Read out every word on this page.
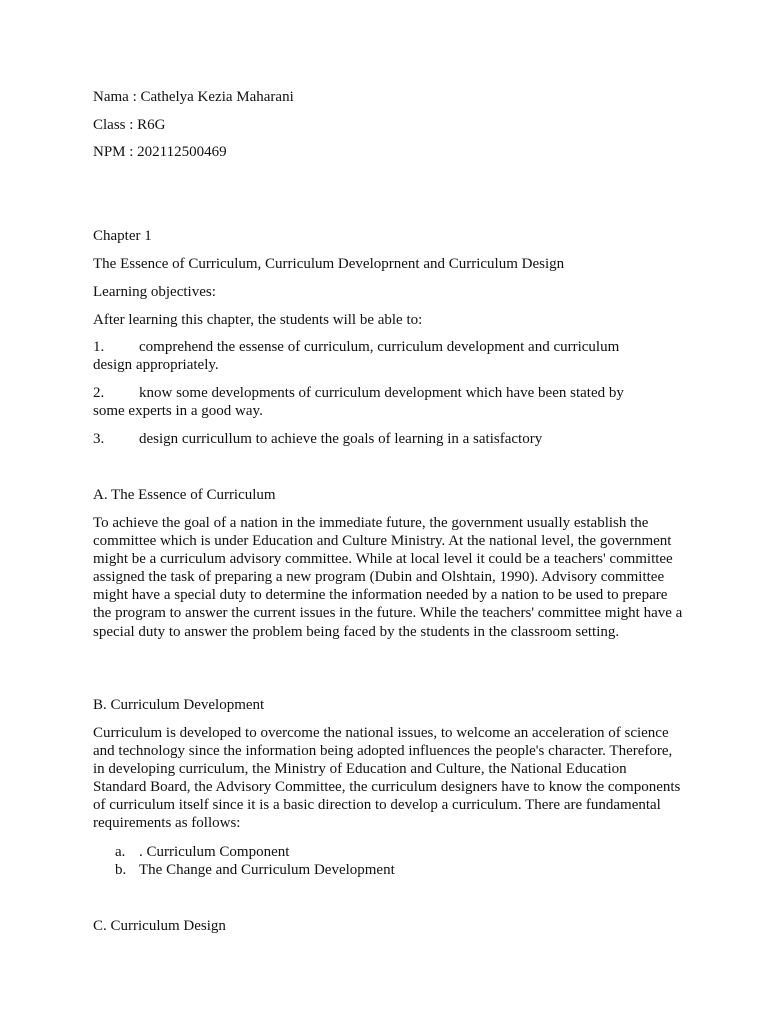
Nama : Cathelya Kezia Maharani
Class : R6G
NPM : 202112500469
Chapter 1
The Essence of Curriculum, Curriculum Developrnent and Curriculum Design
Learning objectives:
After learning this chapter, the students will be able to:
1. comprehend the essense of curriculum, curriculum development and curriculum
design appropriately.
2. know some developments of curriculum development which have been stated by
some experts in a good way.
3. design curricullum to achieve the goals of learning in a satisfactory
A. The Essence of Curriculum
To achieve the goal of a nation in the immediate future, the government usually establish the committee which is under Education and Culture Ministry. At the national level, the government might be a curriculum advisory committee. While at local level it could be a teachers' committee assigned the task of preparing a new program (Dubin and Olshtain, 1990). Advisory committee might have a special duty to determine the information needed by a nation to be used to prepare the program to answer the current issues in the future. While the teachers' committee might have a special duty to answer the problem being faced by the students in the classroom setting.
B. Curriculum Development
Curriculum is developed to overcome the national issues, to welcome an acceleration of science and technology since the information being adopted influences the people's character. Therefore, in developing curriculum, the Ministry of Education and Culture, the National Education Standard Board, the Advisory Committee, the curriculum designers have to know the components of curriculum itself since it is a basic direction to develop a curriculum. There are fundamental requirements as follows:
a. . Curriculum Component
b. The Change and Curriculum Development
C. Curriculum Design
